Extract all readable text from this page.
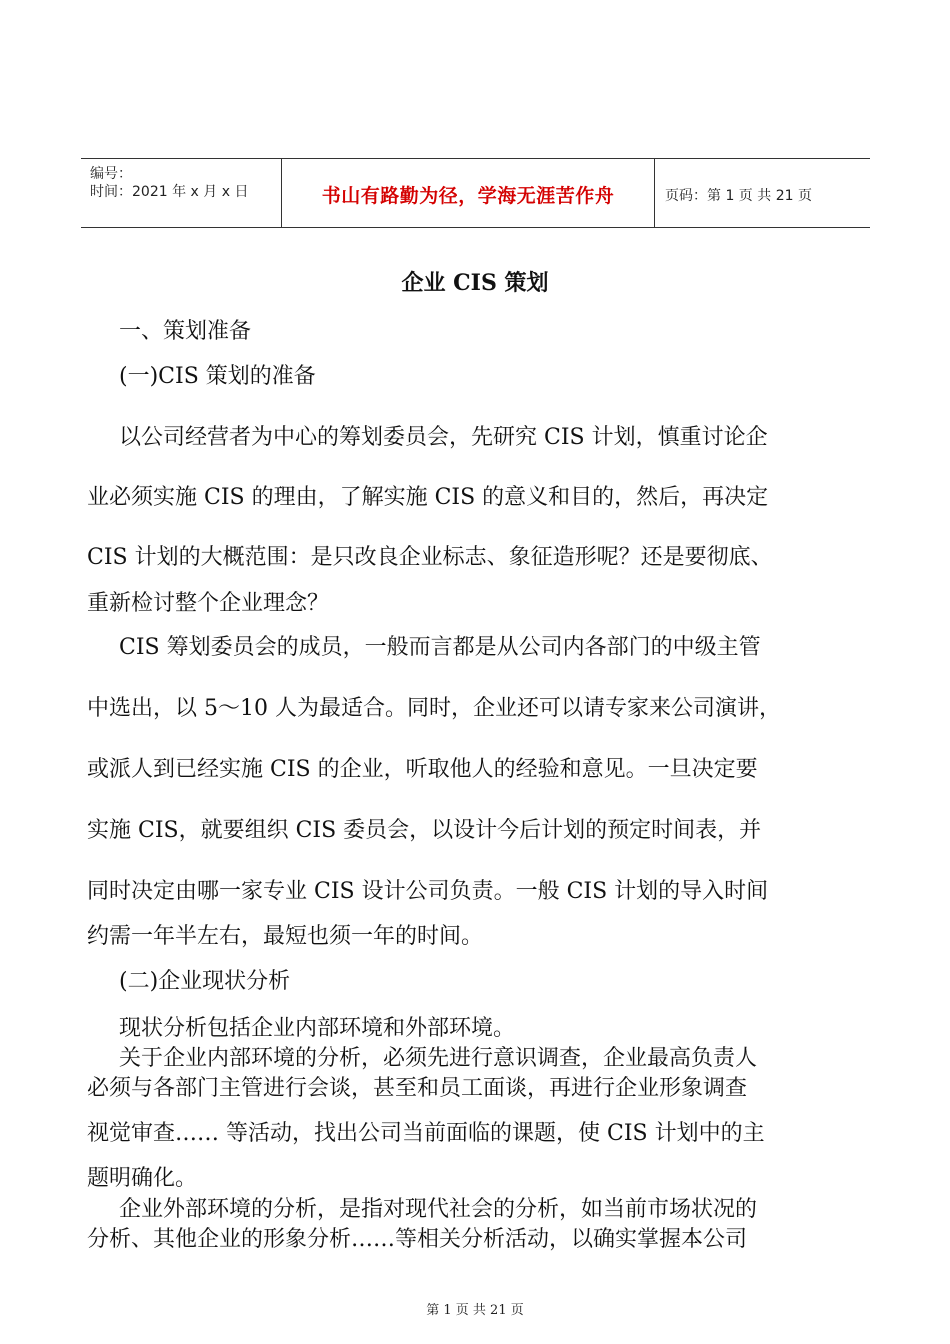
编号：
时间：2021 年 x 月 x 日	书山有路勤为径，学海无涯苦作舟	页码：第 1 页 共 21 页
企业 CIS 策划
一、策划准备
(一)CIS 策划的准备
以公司经营者为中心的筹划委员会，先研究 CIS 计划，慎重讨论企
业必须实施 CIS 的理由，了解实施 CIS 的意义和目的，然后，再决定
CIS 计划的大概范围：是只改良企业标志、象征造形呢？还是要彻底、
重新检讨整个企业理念？
CIS 筹划委员会的成员，一般而言都是从公司内各部门的中级主管
中选出，以 5～10 人为最适合。同时，企业还可以请专家来公司演讲，
或派人到已经实施 CIS 的企业，听取他人的经验和意见。一旦决定要
实施 CIS，就要组织 CIS 委员会，以设计今后计划的预定时间表，并
同时决定由哪一家专业 CIS 设计公司负责。一般 CIS 计划的导入时间
约需一年半左右，最短也须一年的时间。
(二)企业现状分析
现状分析包括企业内部环境和外部环境。
关于企业内部环境的分析，必须先进行意识调查，企业最高负责人
必须与各部门主管进行会谈，甚至和员工面谈，再进行企业形象调查
视觉审查…… 等活动，找出公司当前面临的课题，使 CIS 计划中的主
题明确化。
企业外部环境的分析，是指对现代社会的分析，如当前市场状况的
分析、其他企业的形象分析……等相关分析活动，以确实掌握本公司
第 1 页 共 21 页
